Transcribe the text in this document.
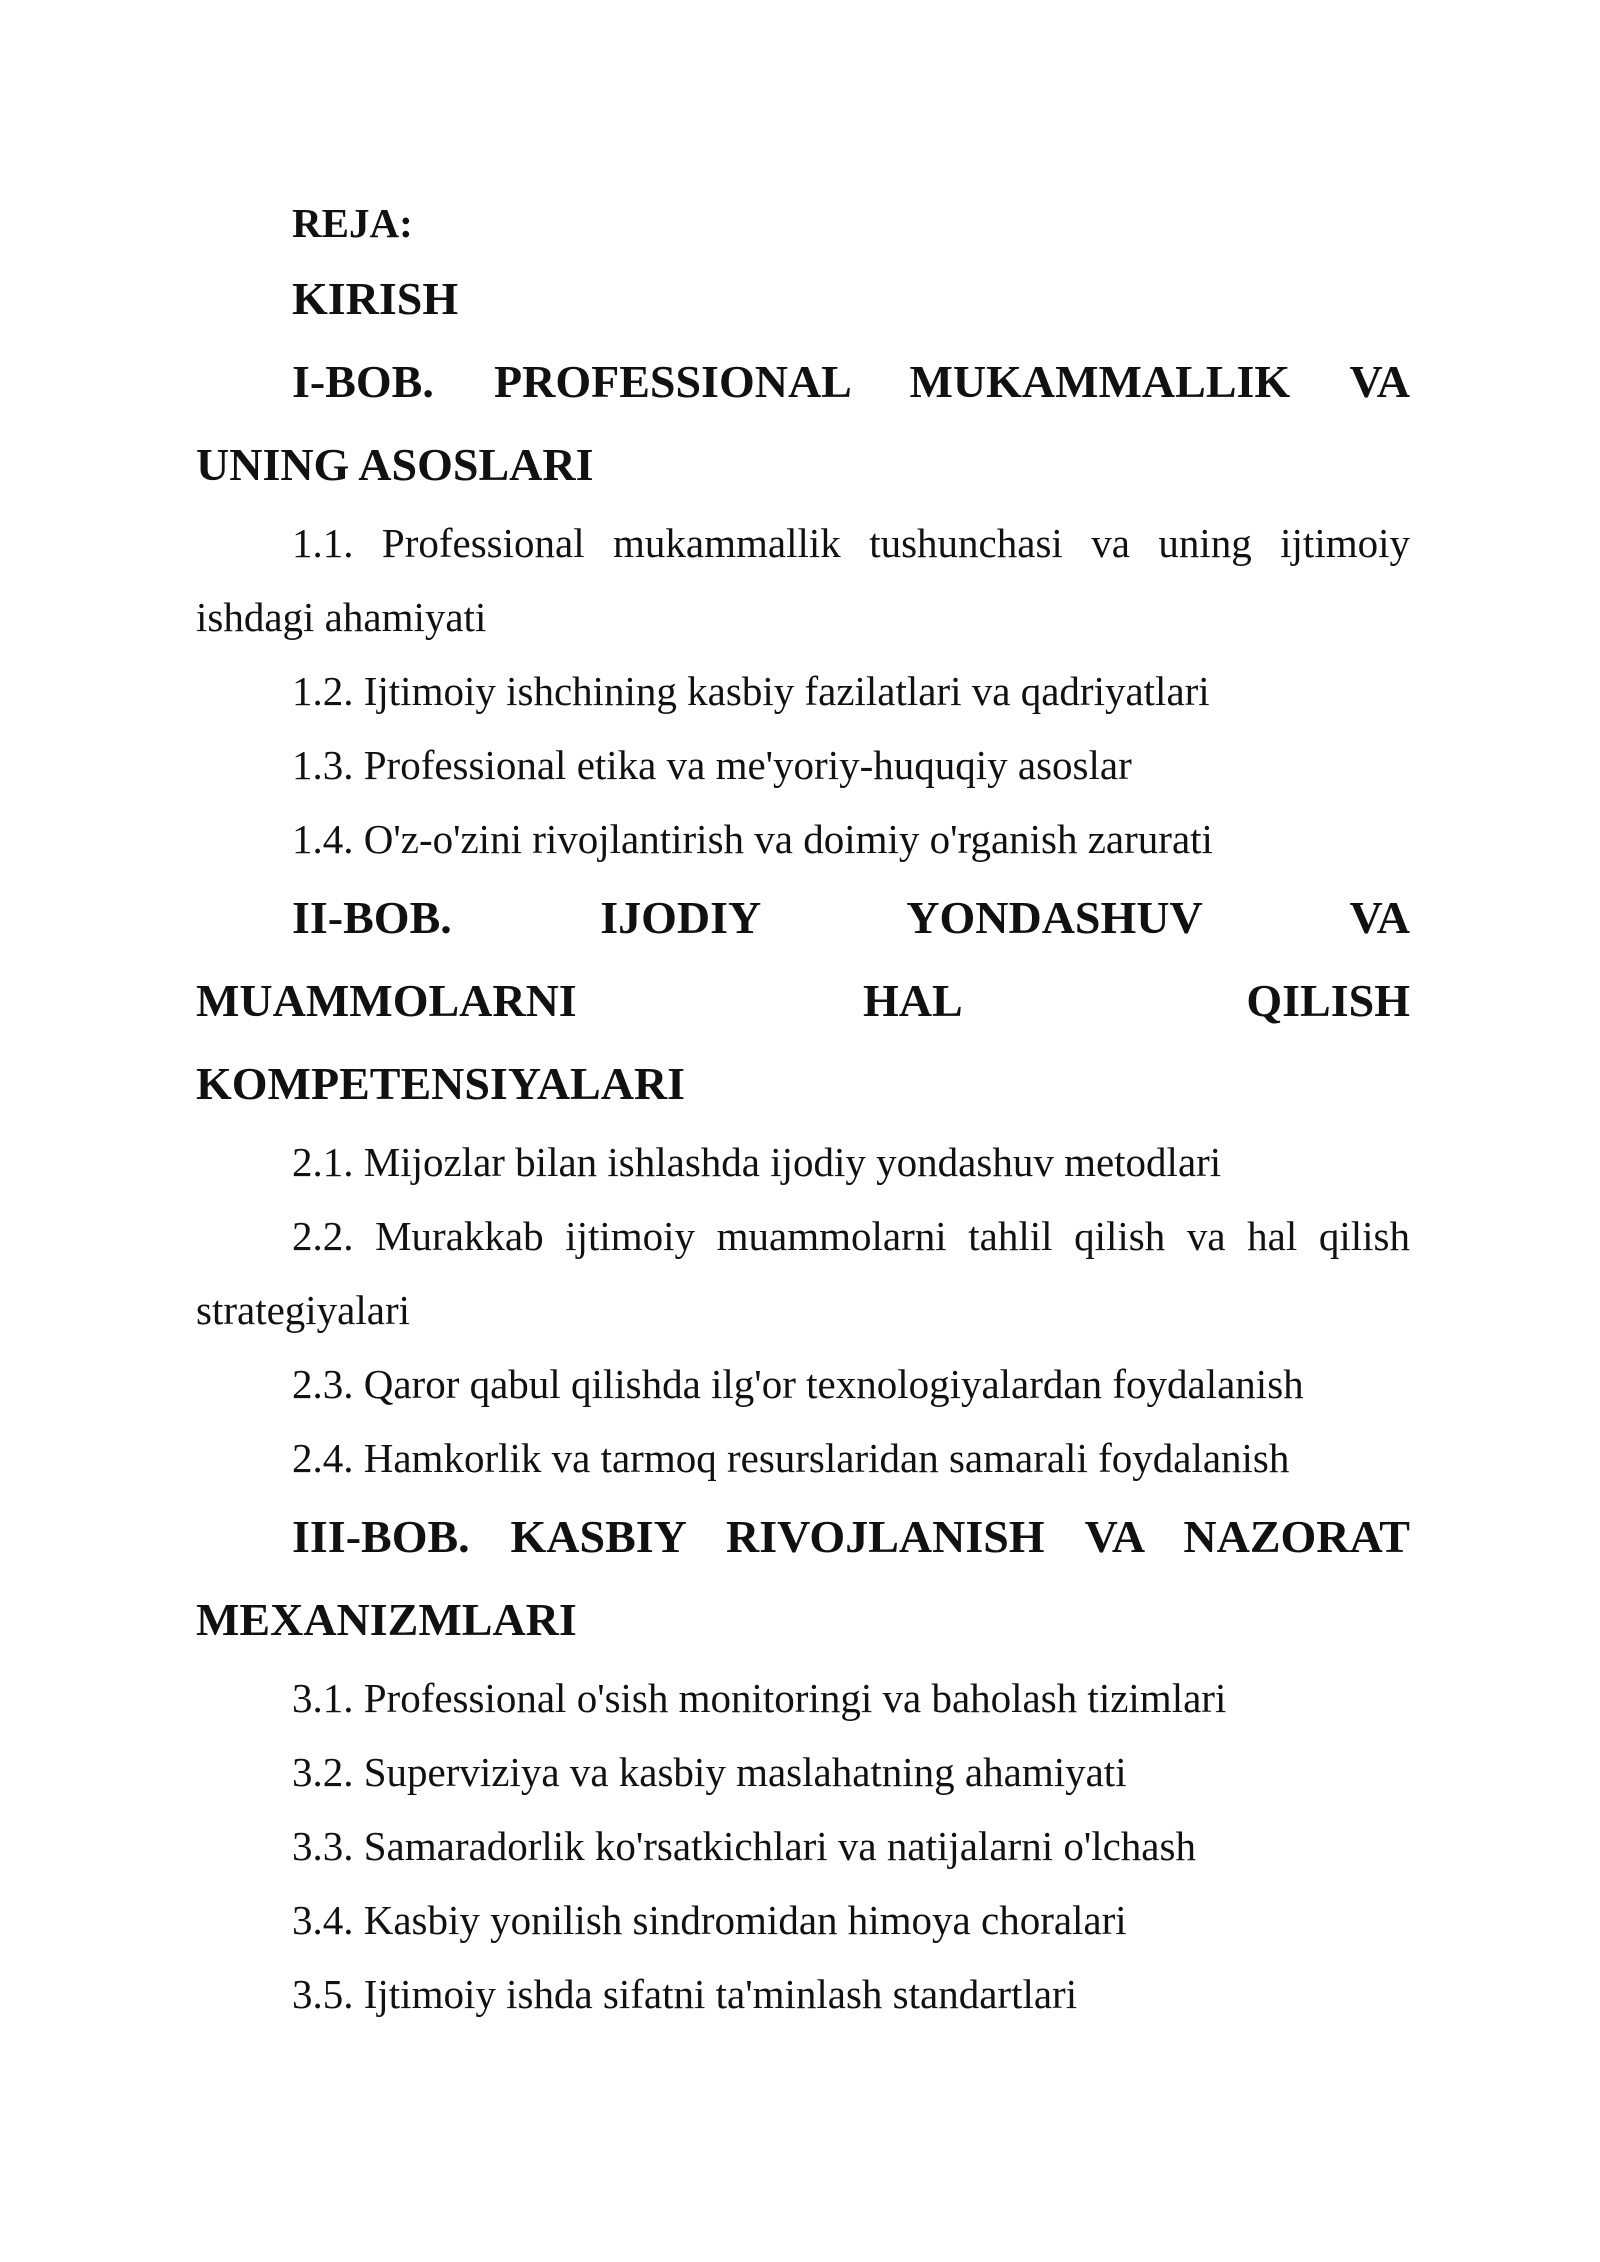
REJA:

KIRISH

I-BOB. PROFESSIONAL MUKAMMALLIK VA
UNING ASOSLARI

1.1. Professional mukammallik tushunchasi va uning ijtimoiy
ishdagi ahamiyati

1.2. Ijtimoiy ishchining kasbiy fazilatlari va qadriyatlari

1.3. Professional etika va me'yoriy-huquqiy asoslar

1.4. O'z-o'zini rivojlantirish va doimiy o'rganish zarurati

II-BOB. IJODIY YONDASHUV VA
MUAMMOLARNI HAL QILISH
KOMPETENSIYALARI

2.1. Mijozlar bilan ishlashda ijodiy yondashuv metodlari

2.2. Murakkab ijtimoiy muammolarni tahlil qilish va hal qilish
strategiyalari

2.3. Qaror qabul qilishda ilg'or texnologiyalardan foydalanish

2.4. Hamkorlik va tarmoq resurslaridan samarali foydalanish

III-BOB. KASBIY RIVOJLANISH VA NAZORAT
MEXANIZMLARI

3.1. Professional o'sish monitoringi va baholash tizimlari

3.2. Superviziya va kasbiy maslahatning ahamiyati

3.3. Samaradorlik ko'rsatkichlari va natijalarni o'lchash

3.4. Kasbiy yonilish sindromidan himoya choralari

3.5. Ijtimoiy ishda sifatni ta'minlash standartlari
